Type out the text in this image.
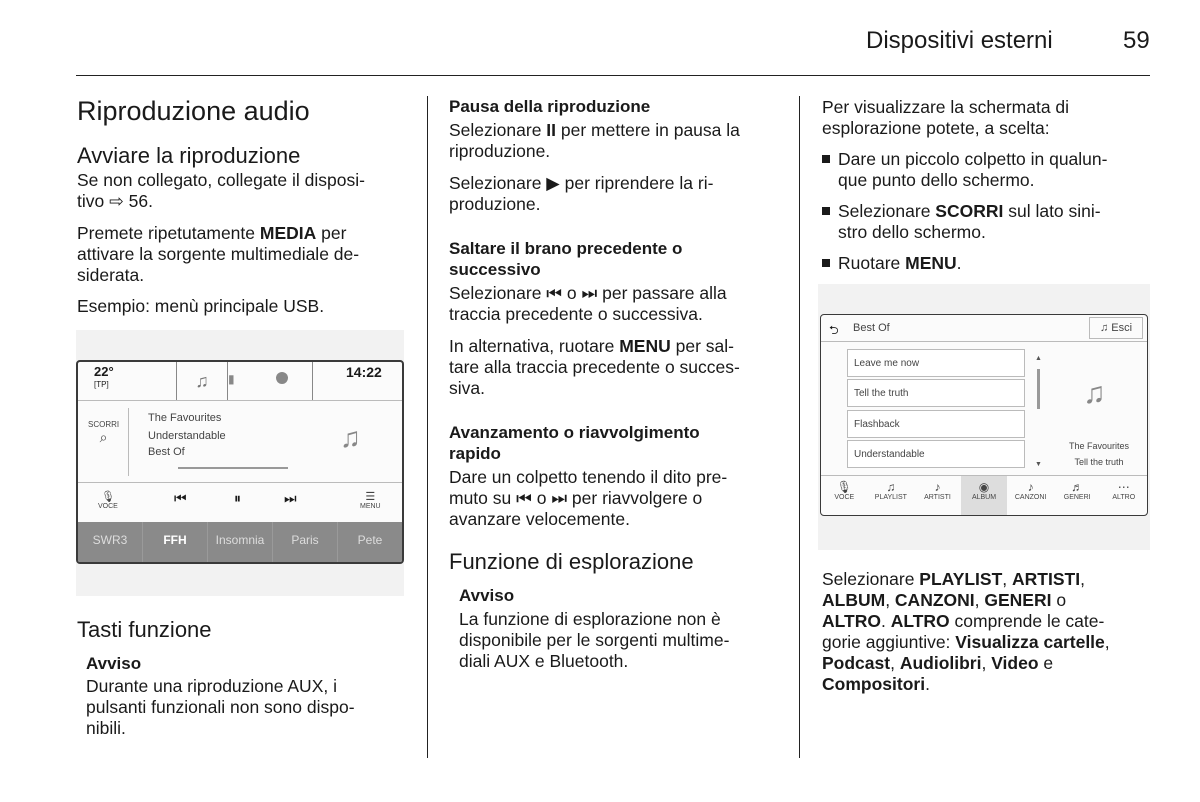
Dispositivi esterni	59
Riproduzione audio
Avviare la riproduzione
Se non collegato, collegate il disposi-
tivo ⇨ 56.
Premete ripetutamente MEDIA per
attivare la sorgente multimediale de-
siderata.
Esempio: menù principale USB.
22°
[TP]	♫	▮	14:22
SCORRI
⌕
The Favourites
Understandable
Best Of	♫
🎙
VOCE
⏮	⏸	⏭	☰
MENU
SWR3	FFH	Insomnia	Paris	Pete
Tasti funzione
Avviso
Durante una riproduzione AUX, i
pulsanti funzionali non sono dispo-
nibili.
Pausa della riproduzione
Selezionare II per mettere in pausa la
riproduzione.
Selezionare ▶ per riprendere la ri-
produzione.
Saltare il brano precedente o
successivo
Selezionare ⏮ o ⏭ per passare alla
traccia precedente o successiva.
In alternativa, ruotare MENU per sal-
tare alla traccia precedente o succes-
siva.
Avanzamento o riavvolgimento
rapido
Dare un colpetto tenendo il dito pre-
muto su ⏮ o ⏭ per riavvolgere o
avanzare velocemente.
Funzione di esplorazione
Avviso
La funzione di esplorazione non è
disponibile per le sorgenti multime-
diali AUX e Bluetooth.
Per visualizzare la schermata di
esplorazione potete, a scelta:
Dare un piccolo colpetto in qualun-
que punto dello schermo.
Selezionare SCORRI sul lato sini-
stro dello schermo.
Ruotare MENU.
⮌ Best Of	♫ Esci
Leave me now
Tell the truth
Flashback
Understandable
▲
▼
♫
The Favourites
Tell the truth
🎙
VOCE
♫
PLAYLIST
♪
ARTISTI
◉
ALBUM
♪
CANZONI
♬
GENERI
⋯
ALTRO
Selezionare PLAYLIST, ARTISTI,
ALBUM, CANZONI, GENERI o
ALTRO. ALTRO comprende le cate-
gorie aggiuntive: Visualizza cartelle,
Podcast, Audiolibri, Video e
Compositori.
